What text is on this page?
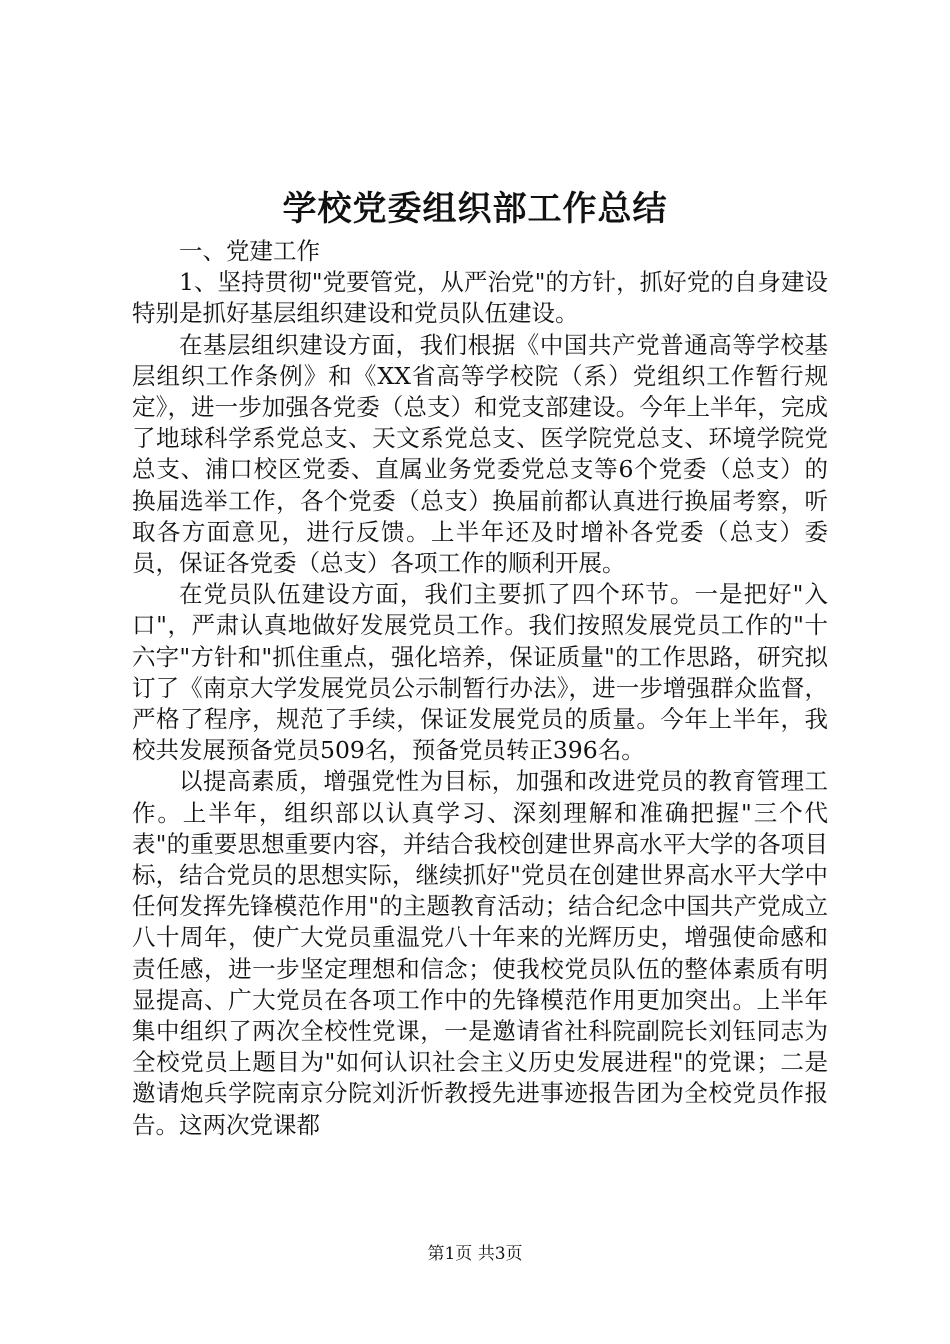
学校党委组织部工作总结

一、党建工作

1、坚持贯彻"党要管党，从严治党"的方针，抓好党的自身建设特别是抓好基层组织建设和党员队伍建设。

在基层组织建设方面，我们根据《中国共产党普通高等学校基层组织工作条例》和《XX省高等学校院（系）党组织工作暂行规定》，进一步加强各党委（总支）和党支部建设。今年上半年，完成了地球科学系党总支、天文系党总支、医学院党总支、环境学院党总支、浦口校区党委、直属业务党委党总支等6个党委（总支）的换届选举工作，各个党委（总支）换届前都认真进行换届考察，听取各方面意见，进行反馈。上半年还及时增补各党委（总支）委员，保证各党委（总支）各项工作的顺利开展。

在党员队伍建设方面，我们主要抓了四个环节。一是把好"入口"，严肃认真地做好发展党员工作。我们按照发展党员工作的"十六字"方针和"抓住重点，强化培养，保证质量"的工作思路，研究拟订了《南京大学发展党员公示制暂行办法》，进一步增强群众监督，严格了程序，规范了手续，保证发展党员的质量。今年上半年，我校共发展预备党员509名，预备党员转正396名。

以提高素质，增强党性为目标，加强和改进党员的教育管理工作。上半年，组织部以认真学习、深刻理解和准确把握"三个代表"的重要思想重要内容，并结合我校创建世界高水平大学的各项目标，结合党员的思想实际，继续抓好"党员在创建世界高水平大学中任何发挥先锋模范作用"的主题教育活动；结合纪念中国共产党成立八十周年，使广大党员重温党八十年来的光辉历史，增强使命感和责任感，进一步坚定理想和信念；使我校党员队伍的整体素质有明显提高、广大党员在各项工作中的先锋模范作用更加突出。上半年集中组织了两次全校性党课，一是邀请省社科院副院长刘钰同志为全校党员上题目为"如何认识社会主义历史发展进程"的党课；二是邀请炮兵学院南京分院刘沂忻教授先进事迹报告团为全校党员作报告。这两次党课都

第1页 共3页
